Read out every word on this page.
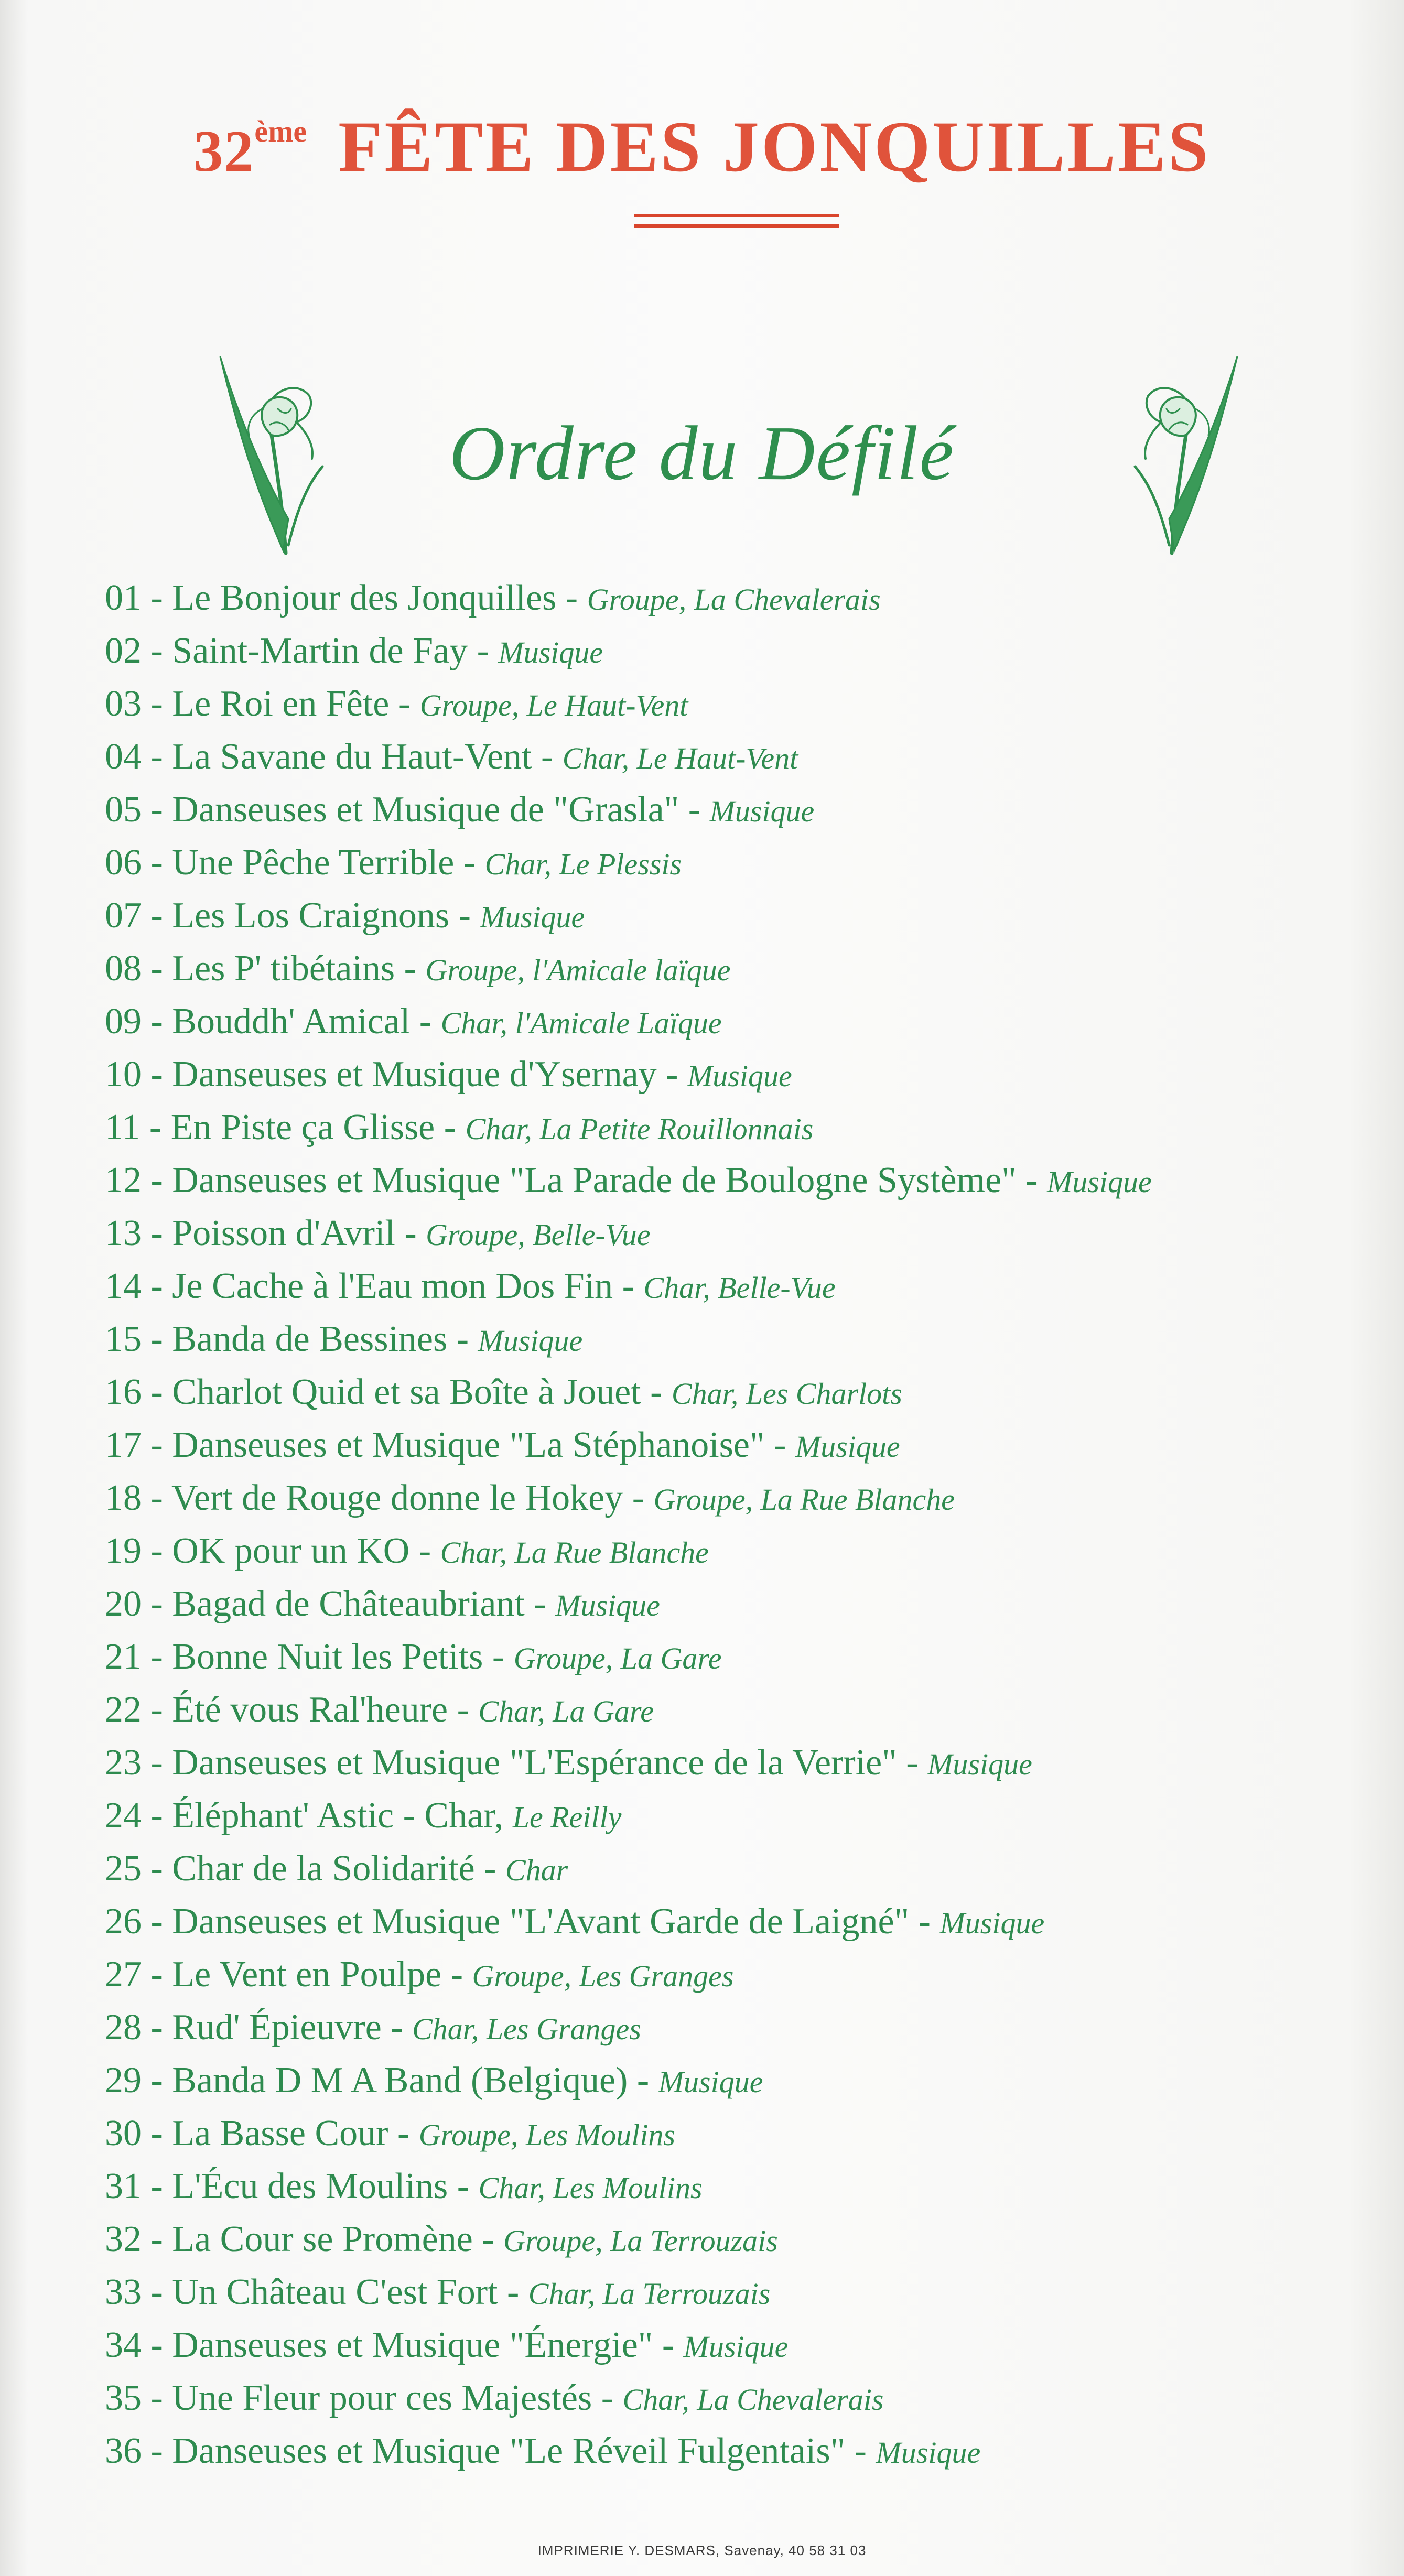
32ème FÊTE DES JONQUILLES
Ordre du Défilé
01 - Le Bonjour des Jonquilles - Groupe, La Chevalerais
02 - Saint-Martin de Fay - Musique
03 - Le Roi en Fête - Groupe, Le Haut-Vent
04 - La Savane du Haut-Vent - Char, Le Haut-Vent
05 - Danseuses et Musique de "Grasla" - Musique
06 - Une Pêche Terrible - Char, Le Plessis
07 - Les Los Craignons - Musique
08 - Les P' tibétains - Groupe, l'Amicale laïque
09 - Bouddh' Amical - Char, l'Amicale Laïque
10 - Danseuses et Musique d'Ysernay - Musique
11 - En Piste ça Glisse - Char, La Petite Rouillonnais
12 - Danseuses et Musique "La Parade de Boulogne Système" - Musique
13 - Poisson d'Avril - Groupe, Belle-Vue
14 - Je Cache à l'Eau mon Dos Fin - Char, Belle-Vue
15 - Banda de Bessines - Musique
16 - Charlot Quid et sa Boîte à Jouet - Char, Les Charlots
17 - Danseuses et Musique "La Stéphanoise" - Musique
18 - Vert de Rouge donne le Hokey - Groupe, La Rue Blanche
19 - OK pour un KO - Char, La Rue Blanche
20 - Bagad de Châteaubriant - Musique
21 - Bonne Nuit les Petits - Groupe, La Gare
22 - Été vous Ral'heure - Char, La Gare
23 - Danseuses et Musique "L'Espérance de la Verrie" - Musique
24 - Éléphant' Astic - Char, Le Reilly
25 - Char de la Solidarité - Char
26 - Danseuses et Musique "L'Avant Garde de Laigné" - Musique
27 - Le Vent en Poulpe - Groupe, Les Granges
28 - Rud' Épieuvre - Char, Les Granges
29 - Banda D M A Band (Belgique) - Musique
30 - La Basse Cour - Groupe, Les Moulins
31 - L'Écu des Moulins - Char, Les Moulins
32 - La Cour se Promène - Groupe, La Terrouzais
33 - Un Château C'est Fort - Char, La Terrouzais
34 - Danseuses et Musique "Énergie" - Musique
35 - Une Fleur pour ces Majestés - Char, La Chevalerais
36 - Danseuses et Musique "Le Réveil Fulgentais" - Musique
IMPRIMERIE Y. DESMARS, Savenay, 40 58 31 03
